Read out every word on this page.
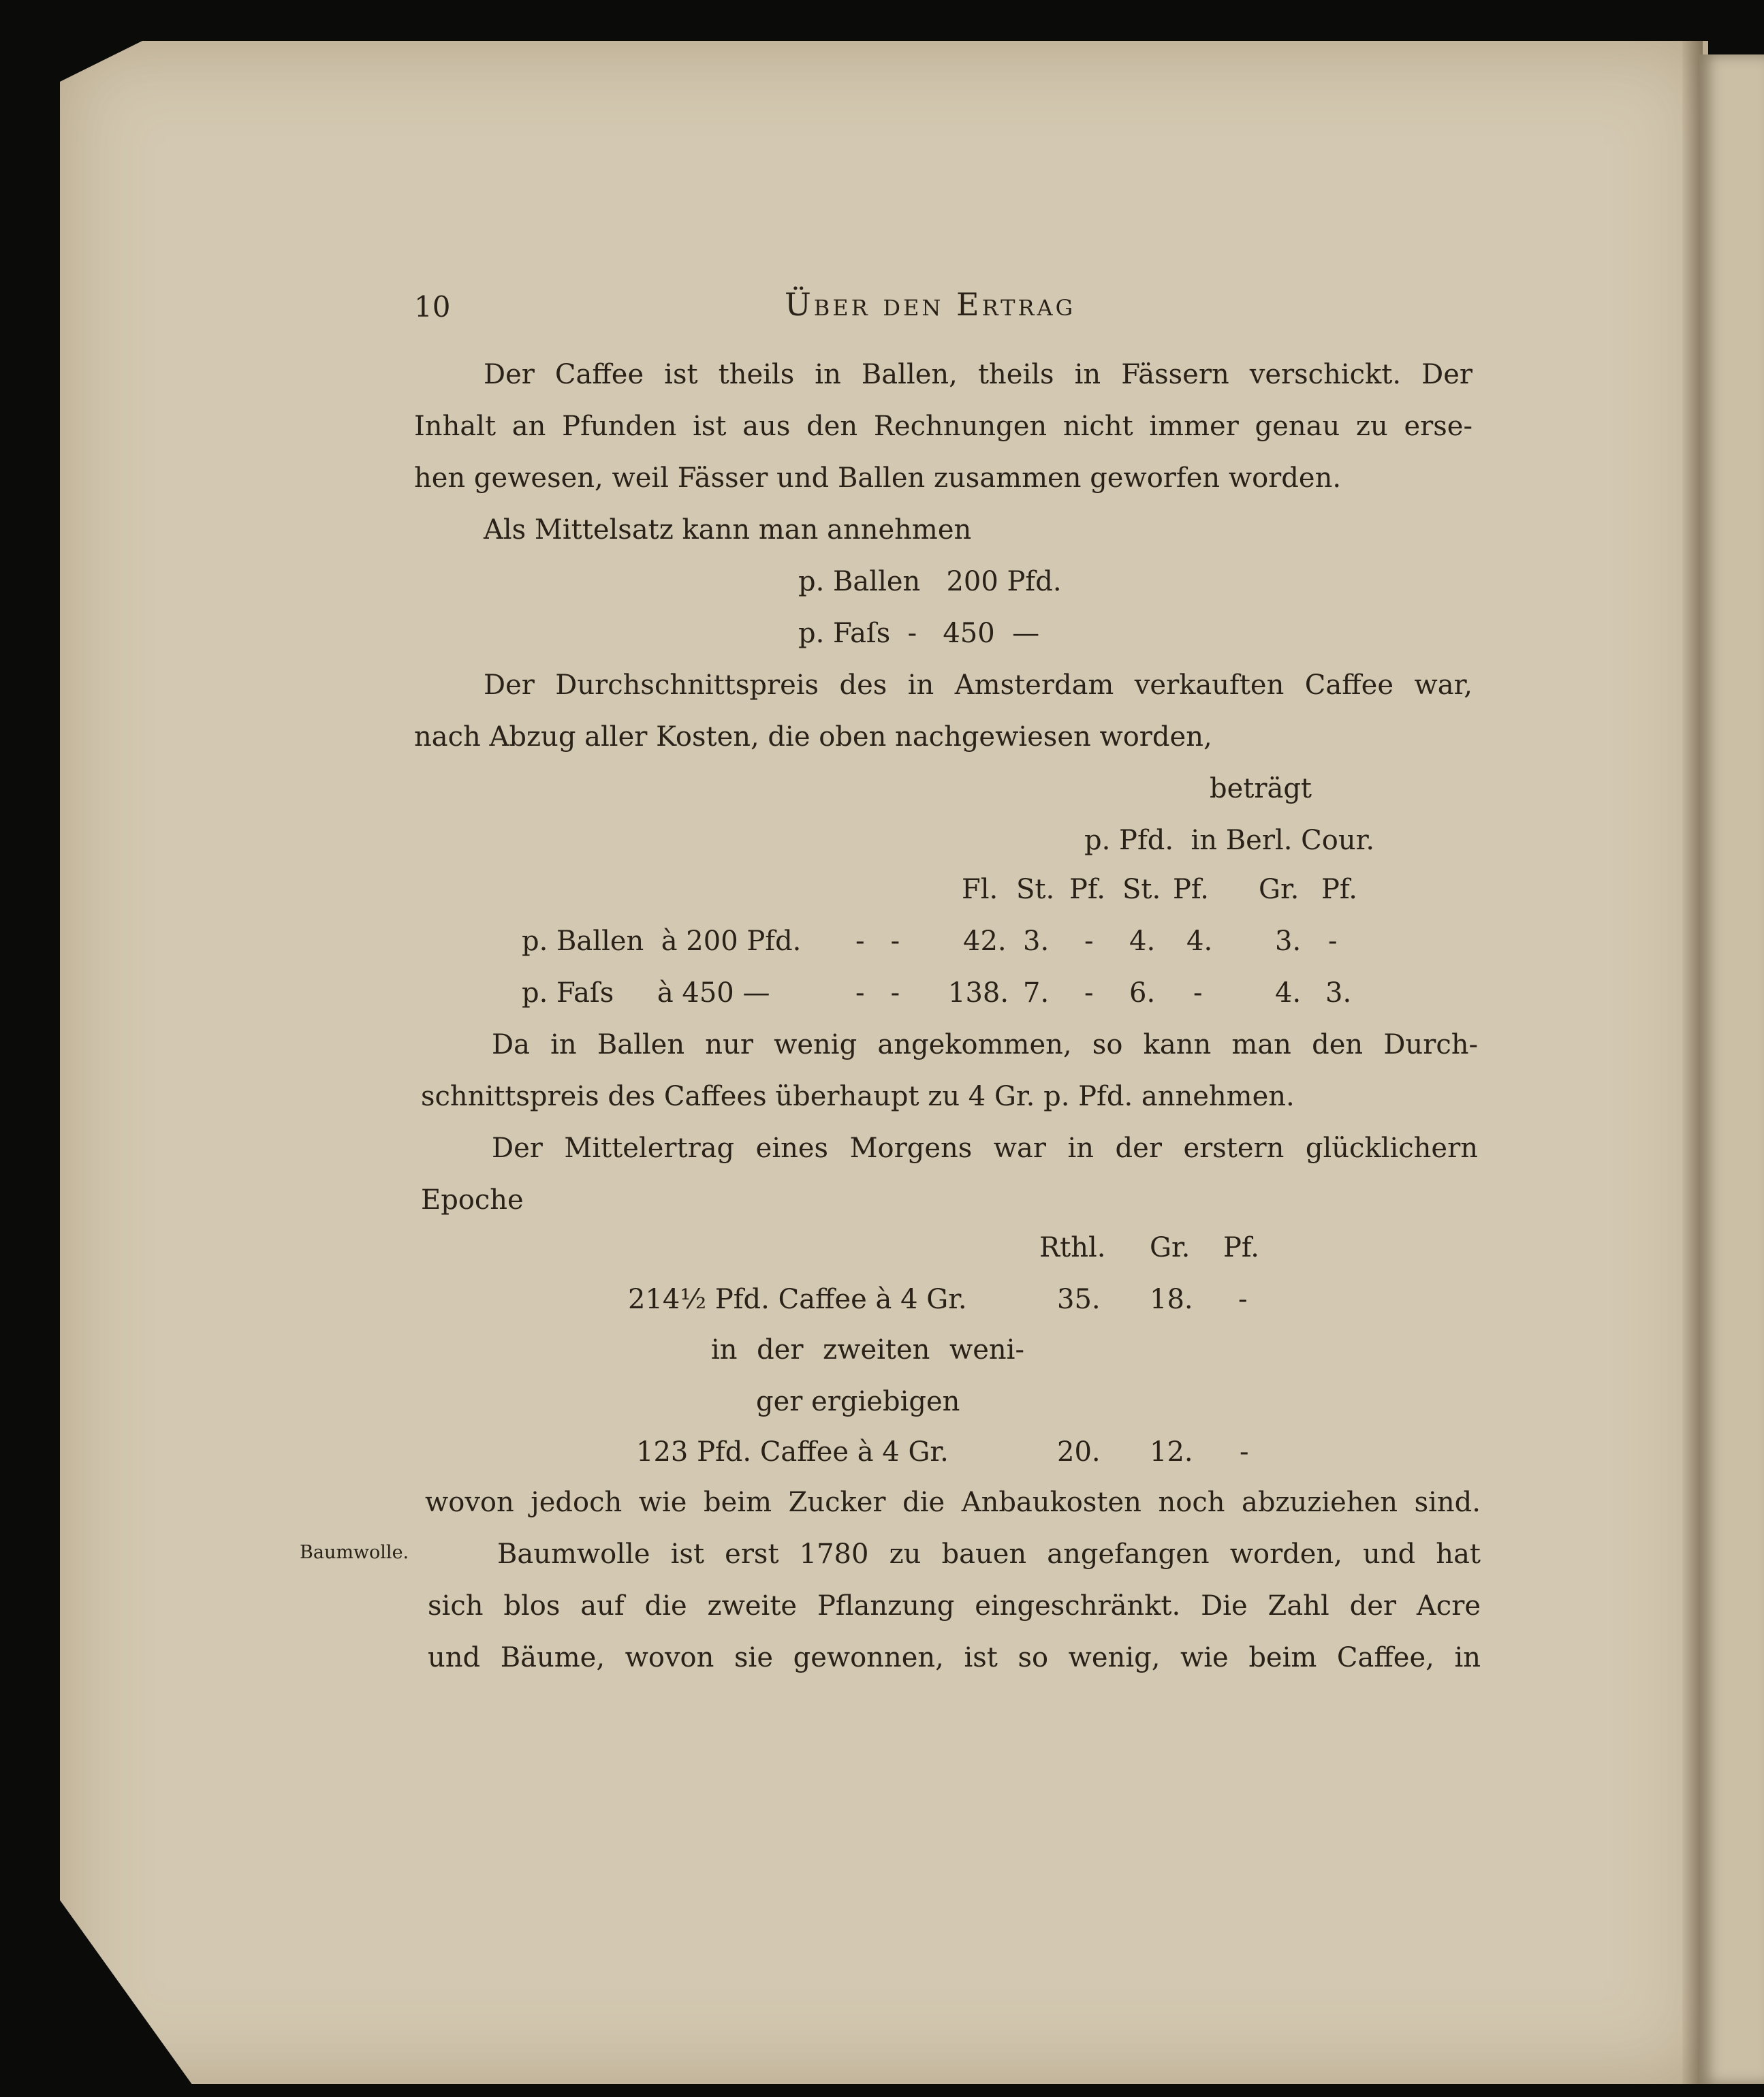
10	Über den Ertrag
Der Caffee ist theils in Ballen, theils in Fässern verschickt. Der
Inhalt an Pfunden ist aus den Rechnungen nicht immer genau zu erse-
hen gewesen, weil Fässer und Ballen zusammen geworfen worden.
Als Mittelsatz kann man annehmen
p. Ballen   200 Pfd.
p. Faſs  -   450  —
Der Durchschnittspreis des in Amsterdam verkauften Caffee war,
nach Abzug aller Kosten, die oben nachgewiesen worden,
beträgt
p. Pfd.  in Berl. Cour.
Fl. St. Pf. St. Pf. Gr. Pf.
p. Ballen  à 200 Pfd. -   - 42. 3. - 4. 4. 3. -
p. Faſs     à 450 —	-   - 138. 7. - 6. -	4. 3.
Da in Ballen nur wenig angekommen, so kann man den Durch-
schnittspreis des Caffees überhaupt zu 4 Gr. p. Pfd. annehmen.
Der Mittelertrag eines Morgens war in der erstern glücklichern
Epoche
Rthl. Gr. Pf.
214½ Pfd. Caffee à 4 Gr.	35. 18. -
in der zweiten weni-
ger ergiebigen
123 Pfd. Caffee à 4 Gr.	20. 12. -
wovon jedoch wie beim Zucker die Anbaukosten noch abzuziehen sind.
Baumwolle.	Baumwolle ist erst 1780 zu bauen angefangen worden, und hat
sich blos auf die zweite Pflanzung eingeschränkt. Die Zahl der Acre
und Bäume, wovon sie gewonnen, ist so wenig, wie beim Caffee, in
